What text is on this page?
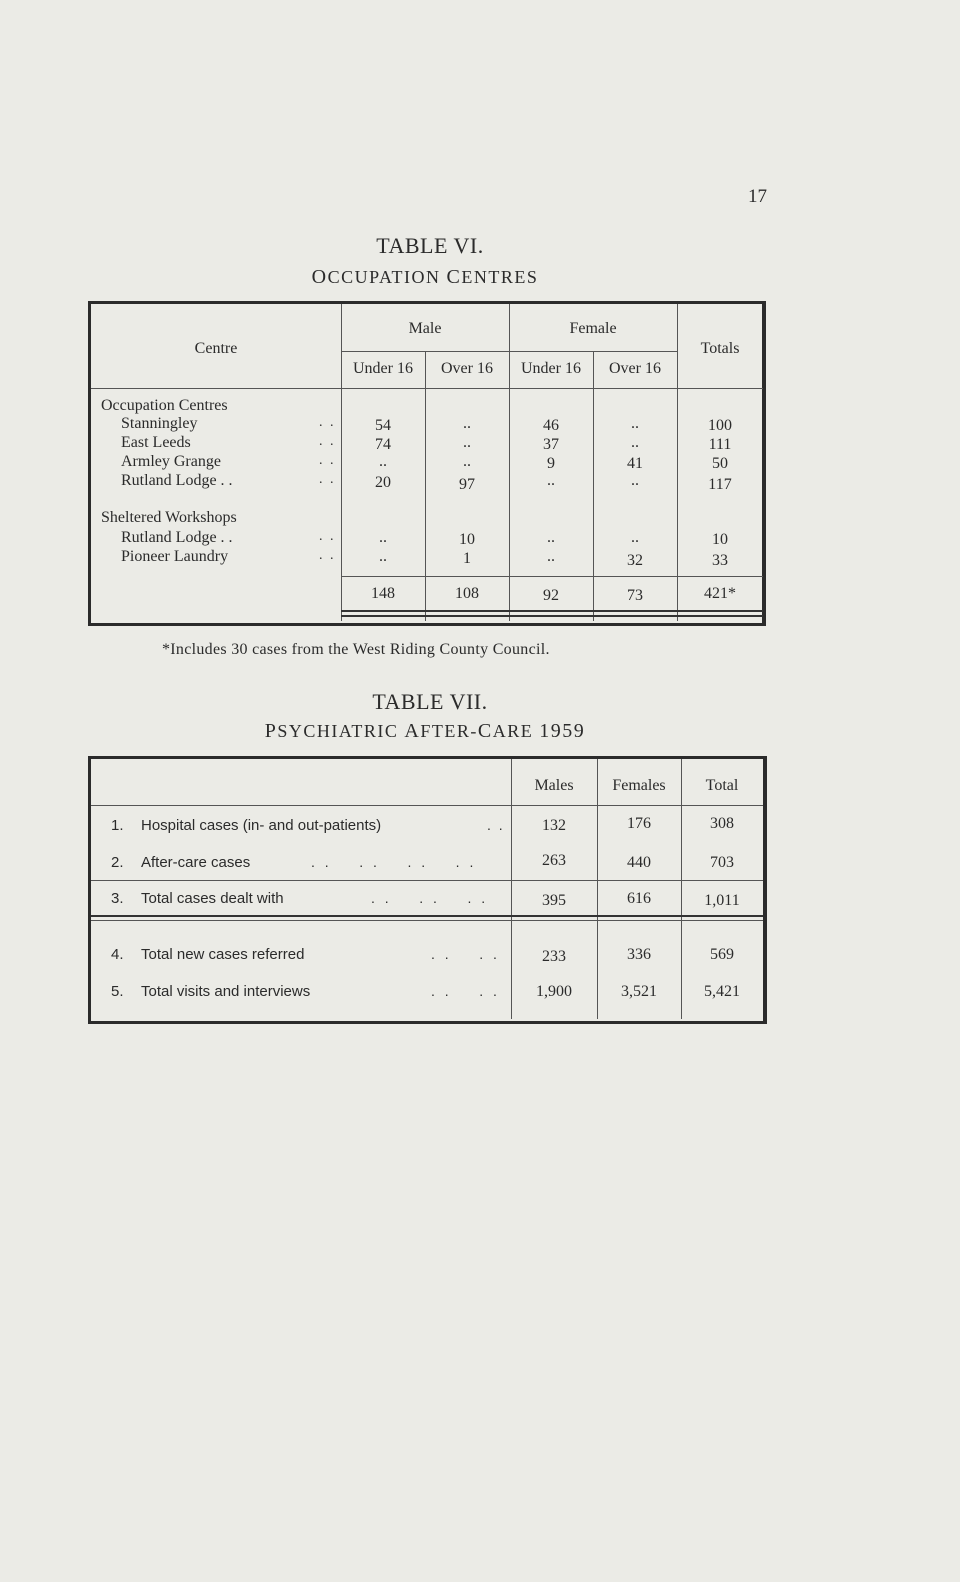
17
TABLE VI.
OCCUPATION CENTRES
Centre
Male	Female
Totals
Under 16	Over 16	Under 16	Over 16
Occupation Centres
Sheltered Workshops
Stanningley	. .	54	..	46	..	100
East Leeds	. .	74	..	37	..	111
Armley Grange	. .	..	..	9	41	50
Rutland Lodge . .	. .	20	97	..	..	117
Rutland Lodge . .	. .	..	10	..	..	10
Pioneer Laundry	. .	..	1	..	32	33
148	108	92	73	421*
*Includes 30 cases from the West Riding County Council.
TABLE VII.
PSYCHIATRIC AFTER-CARE 1959
Males	Females	Total
1. Hospital cases (in- and out-patients)	. .	132	176	308
2. After-care cases	. .    . .    . .    . .	263	440	703
3. Total cases dealt with	. .    . .    . .	395	616	1,011
4. Total new cases referred	. .    . .	233	336	569
5. Total visits and interviews	. .    . .	1,900	3,521	5,421
